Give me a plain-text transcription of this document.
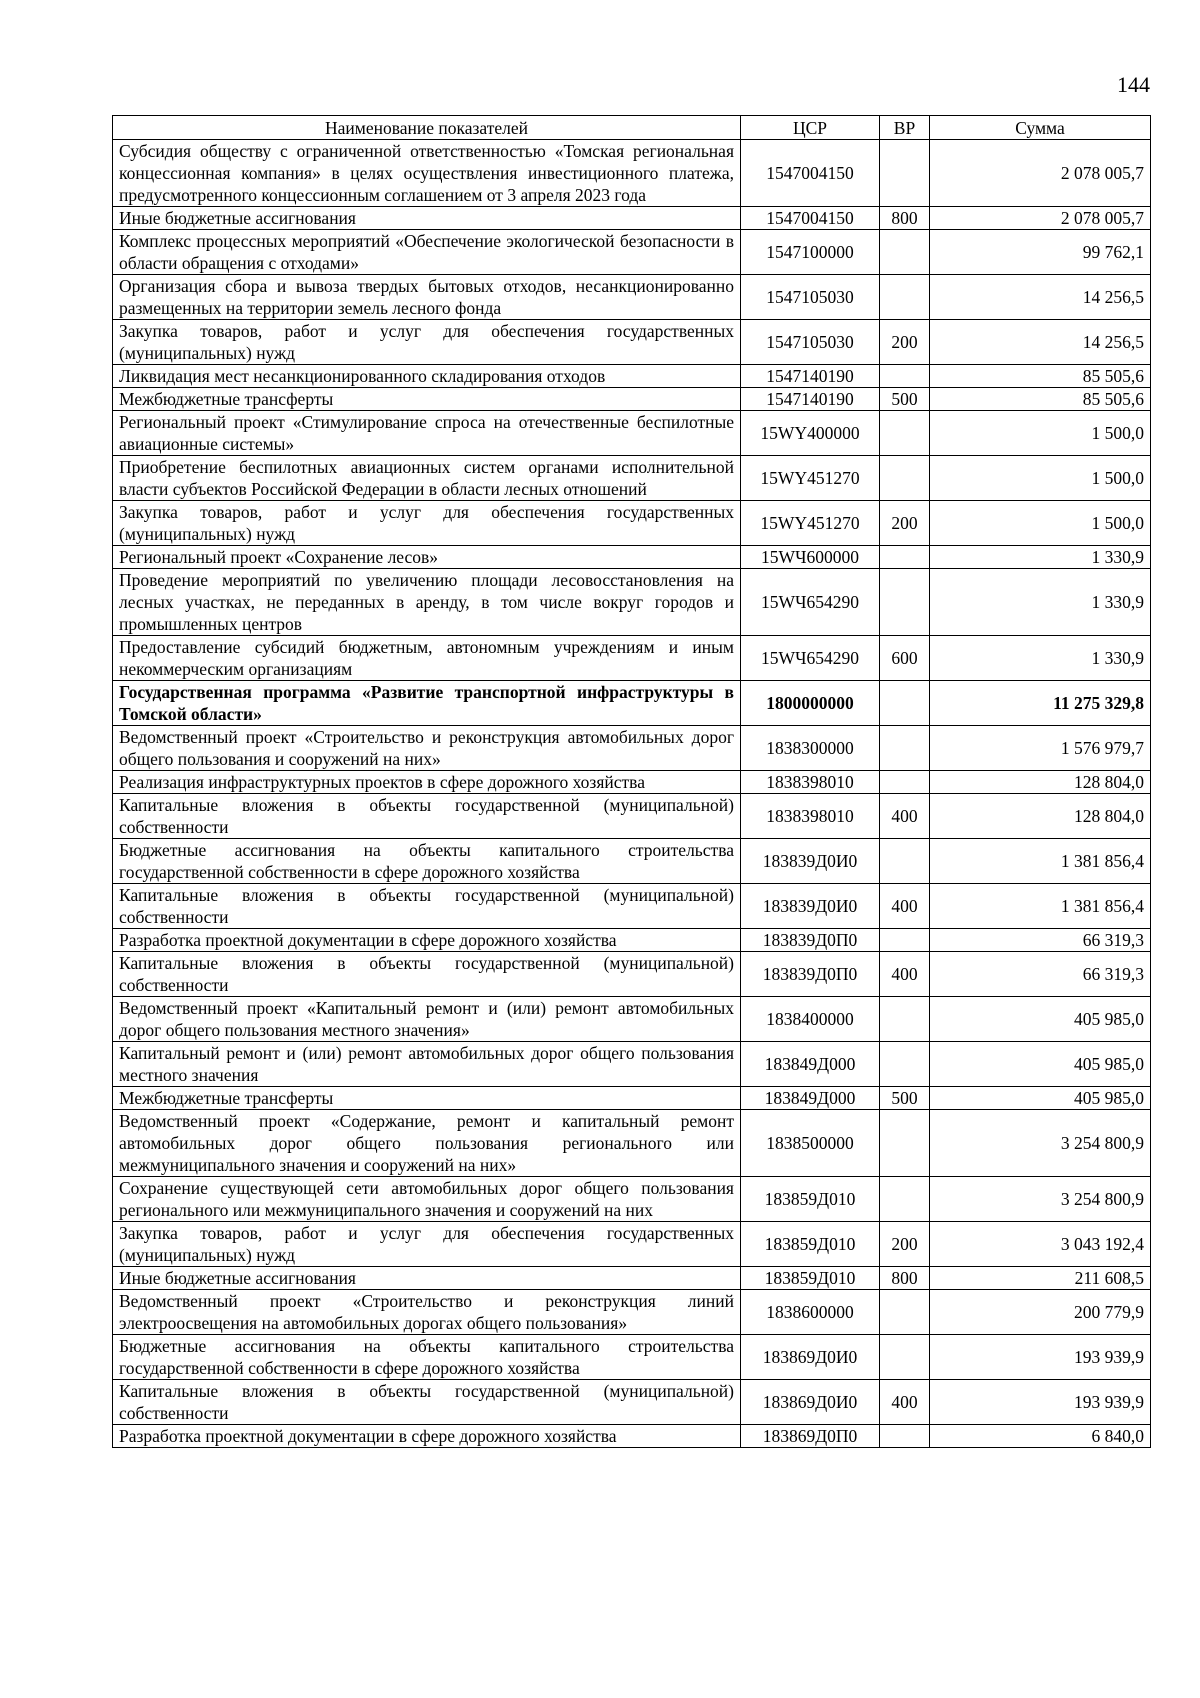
144
Наименование показателей	ЦСР	ВР	Сумма
Субсидия обществу с ограниченной ответственностью «Томская региональная концессионная компания» в целях осуществления инвестиционного платежа, предусмотренного концессионным соглашением от 3 апреля 2023 года	1547004150		2 078 005,7
Иные бюджетные ассигнования	1547004150	800	2 078 005,7
Комплекс процессных мероприятий «Обеспечение экологической безопасности в области обращения с отходами»	1547100000		99 762,1
Организация сбора и вывоза твердых бытовых отходов, несанкционированно размещенных на территории земель лесного фонда	1547105030		14 256,5
Закупка товаров, работ и услуг для обеспечения государственных (муниципальных) нужд	1547105030	200	14 256,5
Ликвидация мест несанкционированного складирования отходов	1547140190		85 505,6
Межбюджетные трансферты	1547140190	500	85 505,6
Региональный проект «Стимулирование спроса на отечественные беспилотные авиационные системы»	15WY400000		1 500,0
Приобретение беспилотных авиационных систем органами исполнительной власти субъектов Российской Федерации в области лесных отношений	15WY451270		1 500,0
Закупка товаров, работ и услуг для обеспечения государственных (муниципальных) нужд	15WY451270	200	1 500,0
Региональный проект «Сохранение лесов»	15WЧ600000		1 330,9
Проведение мероприятий по увеличению площади лесовосстановления на лесных участках, не переданных в аренду, в том числе вокруг городов и промышленных центров	15WЧ654290		1 330,9
Предоставление субсидий бюджетным, автономным учреждениям и иным некоммерческим организациям	15WЧ654290	600	1 330,9
Государственная программа «Развитие транспортной инфраструктуры в Томской области»	1800000000		11 275 329,8
Ведомственный проект «Строительство и реконструкция автомобильных дорог общего пользования и сооружений на них»	1838300000		1 576 979,7
Реализация инфраструктурных проектов в сфере дорожного хозяйства	1838398010		128 804,0
Капитальные вложения в объекты государственной (муниципальной) собственности	1838398010	400	128 804,0
Бюджетные ассигнования на объекты капитального строительства государственной собственности в сфере дорожного хозяйства	183839Д0И0		1 381 856,4
Капитальные вложения в объекты государственной (муниципальной) собственности	183839Д0И0	400	1 381 856,4
Разработка проектной документации в сфере дорожного хозяйства	183839Д0П0		66 319,3
Капитальные вложения в объекты государственной (муниципальной) собственности	183839Д0П0	400	66 319,3
Ведомственный проект «Капитальный ремонт и (или) ремонт автомобильных дорог общего пользования местного значения»	1838400000		405 985,0
Капитальный ремонт и (или) ремонт автомобильных дорог общего пользования местного значения	183849Д000		405 985,0
Межбюджетные трансферты	183849Д000	500	405 985,0
Ведомственный проект «Содержание, ремонт и капитальный ремонт автомобильных дорог общего пользования регионального или межмуниципального значения и сооружений на них»	1838500000		3 254 800,9
Сохранение существующей сети автомобильных дорог общего пользования регионального или межмуниципального значения и сооружений на них	183859Д010		3 254 800,9
Закупка товаров, работ и услуг для обеспечения государственных (муниципальных) нужд	183859Д010	200	3 043 192,4
Иные бюджетные ассигнования	183859Д010	800	211 608,5
Ведомственный проект «Строительство и реконструкция линий электроосвещения на автомобильных дорогах общего пользования»	1838600000		200 779,9
Бюджетные ассигнования на объекты капитального строительства государственной собственности в сфере дорожного хозяйства	183869Д0И0		193 939,9
Капитальные вложения в объекты государственной (муниципальной) собственности	183869Д0И0	400	193 939,9
Разработка проектной документации в сфере дорожного хозяйства	183869Д0П0		6 840,0
